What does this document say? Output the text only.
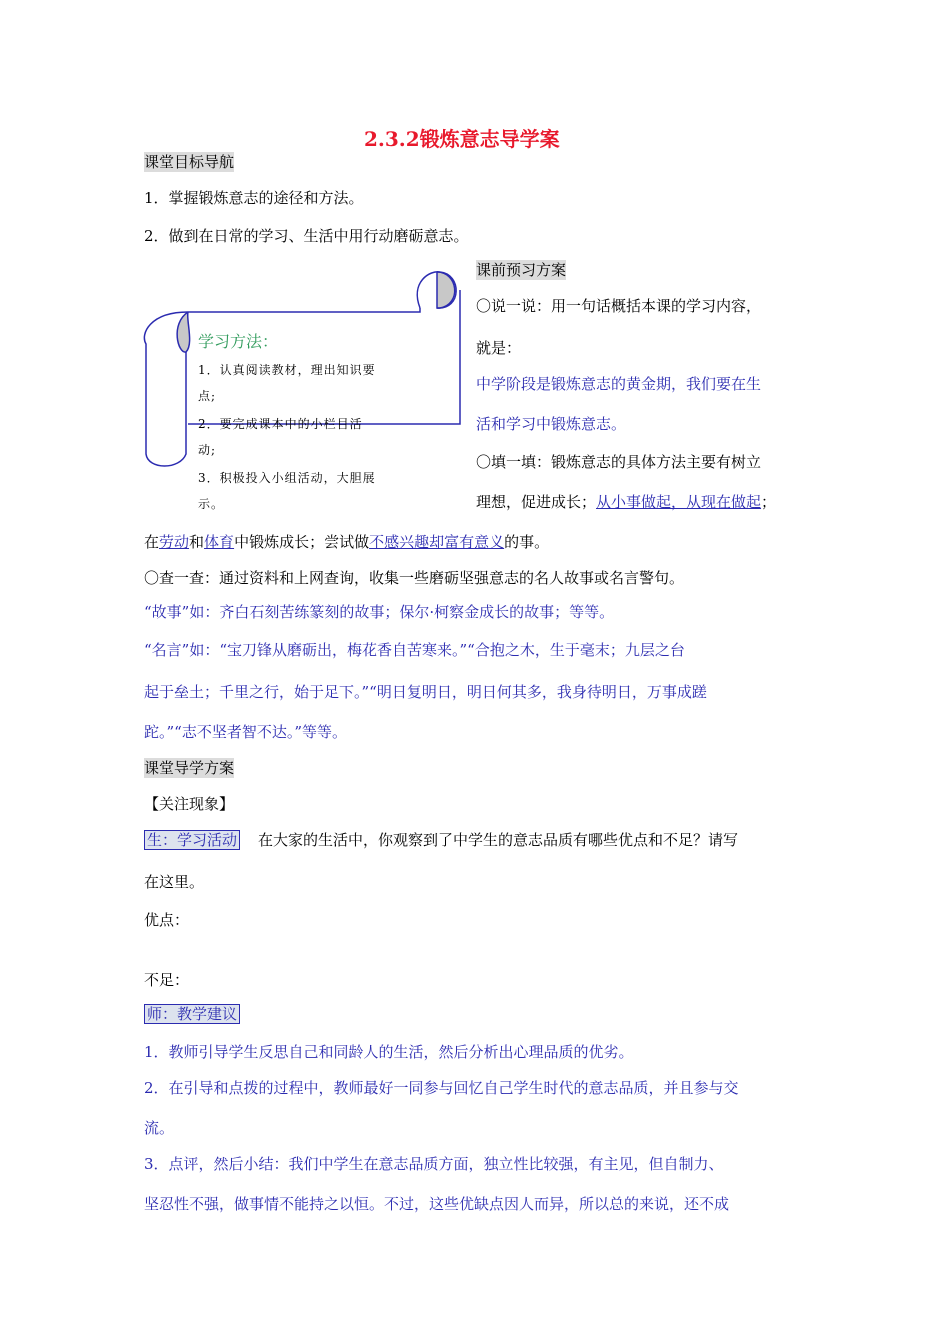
2.3.2锻炼意志导学案
课堂目标导航
1．掌握锻炼意志的途径和方法。
2．做到在日常的学习、生活中用行动磨砺意志。
学习方法：
1．认真阅读教材，理出知识要
点;
2．要完成课本中的小栏目活
动;
3．积极投入小组活动，大胆展
示。
课前预习方案
〇说一说：用一句话概括本课的学习内容，
就是：
中学阶段是锻炼意志的黄金期，我们要在生
活和学习中锻炼意志。
〇填一填：锻炼意志的具体方法主要有树立
理想，促进成长；从小事做起，从现在做起；
在劳动和体育中锻炼成长；尝试做不感兴趣却富有意义的事。
〇查一查：通过资料和上网查询，收集一些磨砺坚强意志的名人故事或名言警句。
“故事”如：齐白石刻苦练篆刻的故事；保尔·柯察金成长的故事；等等。
“名言”如：“宝刀锋从磨砺出，梅花香自苦寒来。”“合抱之木，生于毫末；九层之台
起于垒土；千里之行，始于足下。”“明日复明日，明日何其多，我身待明日，万事成蹉
跎。”“志不坚者智不达。”等等。
课堂导学方案
【关注现象】
生：学习活动 在大家的生活中，你观察到了中学生的意志品质有哪些优点和不足？请写
在这里。
优点：
不足：
师：教学建议
1．教师引导学生反思自己和同龄人的生活，然后分析出心理品质的优劣。
2．在引导和点拨的过程中，教师最好一同参与回忆自己学生时代的意志品质，并且参与交
流。
3．点评，然后小结：我们中学生在意志品质方面，独立性比较强，有主见，但自制力、
坚忍性不强，做事情不能持之以恒。不过，这些优缺点因人而异，所以总的来说，还不成
